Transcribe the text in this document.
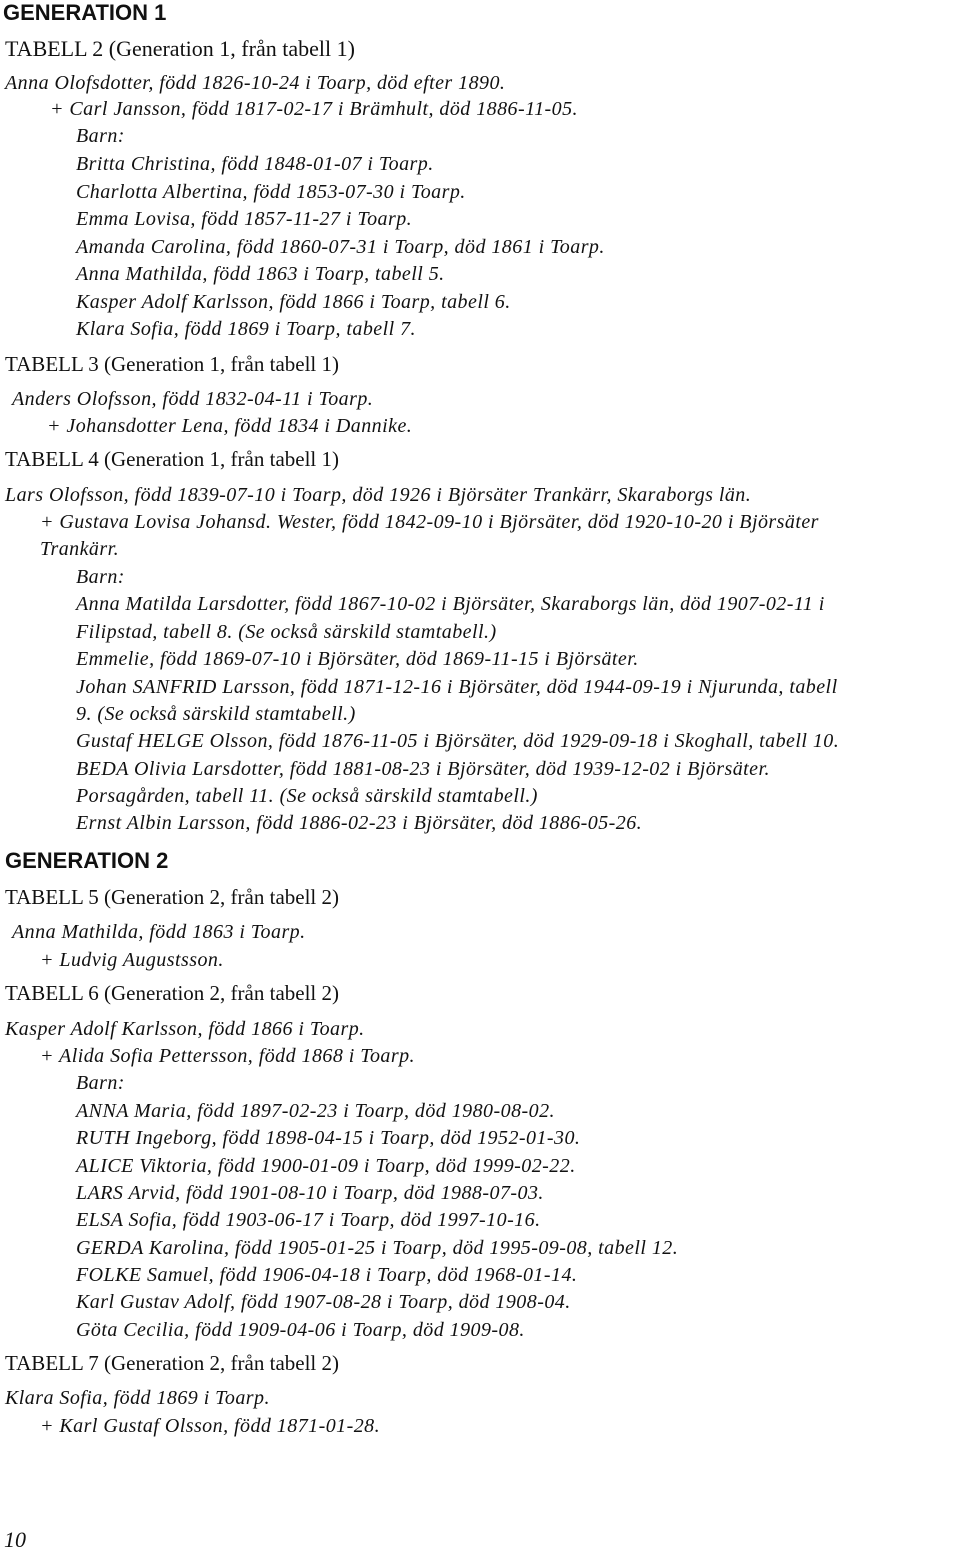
GENERATION 1
TABELL 2 (Generation 1, från tabell 1)
Anna Olofsdotter, född 1826-10-24 i Toarp, död efter 1890.
+ Carl Jansson, född 1817-02-17 i Brämhult, död 1886-11-05.
Barn:
Britta Christina, född 1848-01-07 i Toarp.
Charlotta Albertina, född 1853-07-30 i Toarp.
Emma Lovisa, född 1857-11-27 i Toarp.
Amanda Carolina, född 1860-07-31 i Toarp, död 1861 i Toarp.
Anna Mathilda, född 1863 i Toarp, tabell 5.
Kasper Adolf Karlsson, född 1866 i Toarp, tabell 6.
Klara Sofia, född 1869 i Toarp, tabell 7.
TABELL 3 (Generation 1, från tabell 1)
Anders Olofsson, född 1832-04-11 i Toarp.
+ Johansdotter Lena, född 1834 i Dannike.
TABELL 4 (Generation 1, från tabell 1)
Lars Olofsson, född 1839-07-10 i Toarp, död 1926 i Björsäter Trankärr, Skaraborgs län.
+ Gustava Lovisa Johansd. Wester, född 1842-09-10 i Björsäter, död 1920-10-20 i Björsäter
Trankärr.
Barn:
Anna Matilda Larsdotter, född 1867-10-02 i Björsäter, Skaraborgs län, död 1907-02-11 i
Filipstad, tabell 8. (Se också särskild stamtabell.)
Emmelie, född 1869-07-10 i Björsäter, död 1869-11-15 i Björsäter.
Johan SANFRID Larsson, född 1871-12-16 i Björsäter, död 1944-09-19 i Njurunda, tabell
9. (Se också särskild stamtabell.)
Gustaf HELGE Olsson, född 1876-11-05 i Björsäter, död 1929-09-18 i Skoghall, tabell 10.
BEDA Olivia Larsdotter, född 1881-08-23 i Björsäter, död 1939-12-02 i Björsäter.
Porsagården, tabell 11. (Se också särskild stamtabell.)
Ernst Albin Larsson, född 1886-02-23 i Björsäter, död 1886-05-26.
GENERATION 2
TABELL 5 (Generation 2, från tabell 2)
Anna Mathilda, född 1863 i Toarp.
+ Ludvig Augustsson.
TABELL 6 (Generation 2, från tabell 2)
Kasper Adolf Karlsson, född 1866 i Toarp.
+ Alida Sofia Pettersson, född 1868 i Toarp.
Barn:
ANNA Maria, född 1897-02-23 i Toarp, död 1980-08-02.
RUTH Ingeborg, född 1898-04-15 i Toarp, död 1952-01-30.
ALICE Viktoria, född 1900-01-09 i Toarp, död 1999-02-22.
LARS Arvid, född 1901-08-10 i Toarp, död 1988-07-03.
ELSA Sofia, född 1903-06-17 i Toarp, död 1997-10-16.
GERDA Karolina, född 1905-01-25 i Toarp, död 1995-09-08, tabell 12.
FOLKE Samuel, född 1906-04-18 i Toarp, död 1968-01-14.
Karl Gustav Adolf, född 1907-08-28 i Toarp, död 1908-04.
Göta Cecilia, född 1909-04-06 i Toarp, död 1909-08.
TABELL 7 (Generation 2, från tabell 2)
Klara Sofia, född 1869 i Toarp.
+ Karl Gustaf Olsson, född 1871-01-28.
10
